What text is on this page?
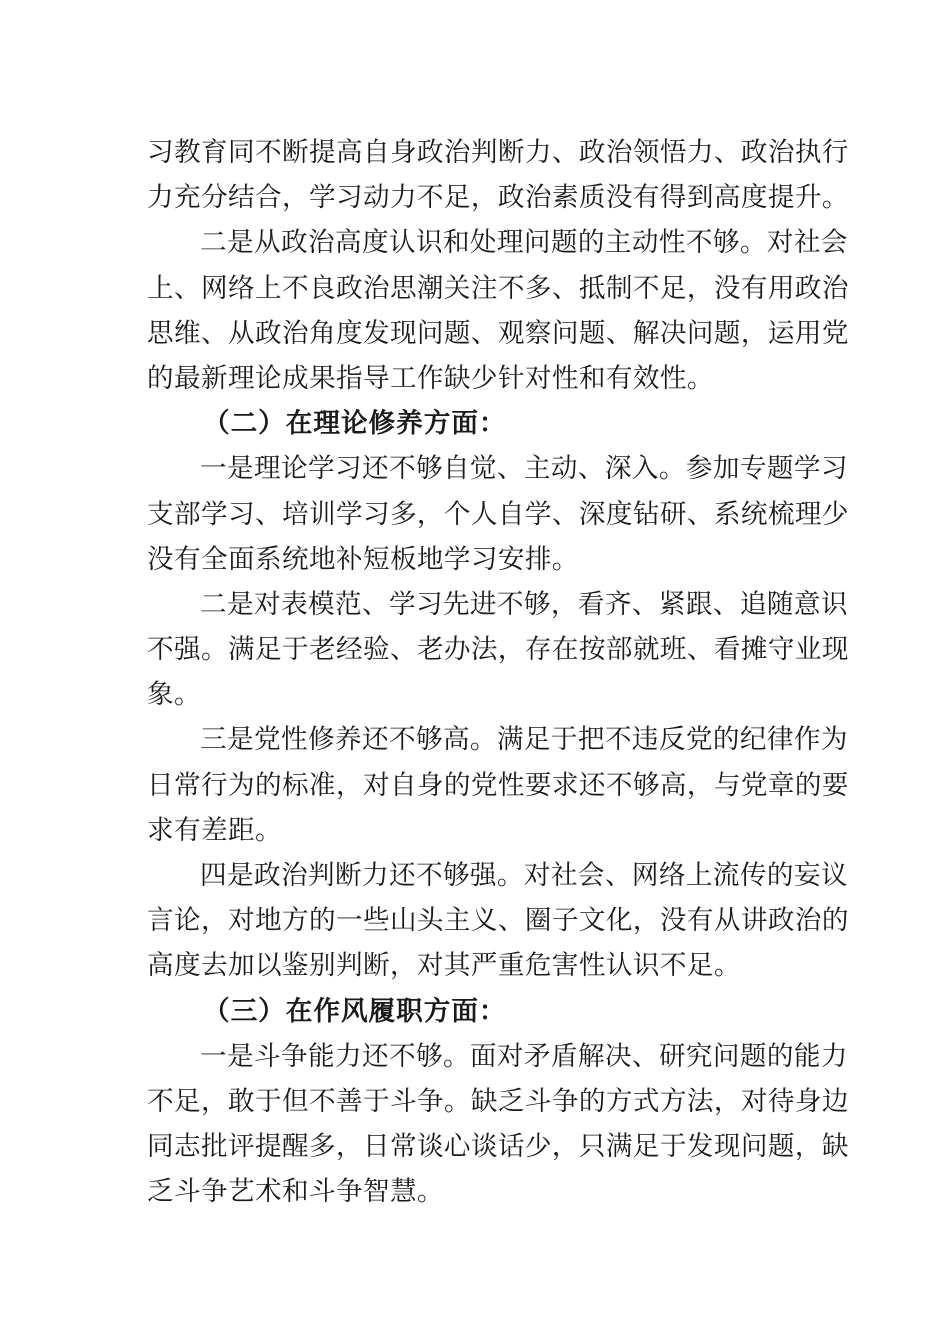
习教育同不断提高自身政治判断力、政治领悟力、政治执行
力充分结合，学习动力不足，政治素质没有得到高度提升。
二是从政治高度认识和处理问题的主动性不够。对社会
上、网络上不良政治思潮关注不多、抵制不足，没有用政治
思维、从政治角度发现问题、观察问题、解决问题，运用党
的最新理论成果指导工作缺少针对性和有效性。
（二）在理论修养方面：
一是理论学习还不够自觉、主动、深入。参加专题学习
支部学习、培训学习多，个人自学、深度钻研、系统梳理少
没有全面系统地补短板地学习安排。
二是对表模范、学习先进不够，看齐、紧跟、追随意识
不强。满足于老经验、老办法，存在按部就班、看摊守业现
象。
三是党性修养还不够高。满足于把不违反党的纪律作为
日常行为的标准，对自身的党性要求还不够高，与党章的要
求有差距。
四是政治判断力还不够强。对社会、网络上流传的妄议
言论，对地方的一些山头主义、圈子文化，没有从讲政治的
高度去加以鉴别判断，对其严重危害性认识不足。
（三）在作风履职方面：
一是斗争能力还不够。面对矛盾解决、研究问题的能力
不足，敢于但不善于斗争。缺乏斗争的方式方法，对待身边
同志批评提醒多，日常谈心谈话少，只满足于发现问题，缺
乏斗争艺术和斗争智慧。
